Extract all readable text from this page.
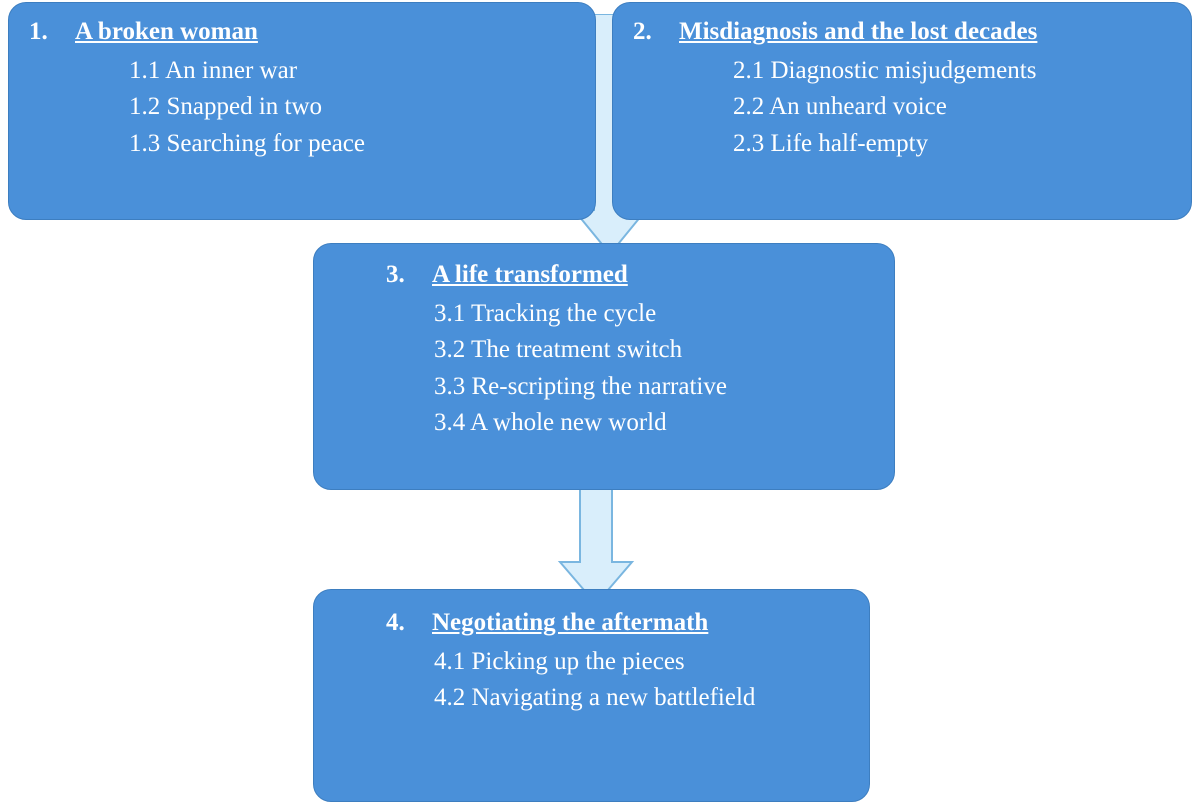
1.	A broken woman
1.1 An inner war
1.2 Snapped in two
1.3 Searching for peace
2.	Misdiagnosis and the lost decades
2.1 Diagnostic misjudgements
2.2 An unheard voice
2.3 Life half-empty
3.	A life transformed
3.1 Tracking the cycle
3.2 The treatment switch
3.3 Re-scripting the narrative
3.4 A whole new world
4.	Negotiating the aftermath
4.1 Picking up the pieces
4.2 Navigating a new battlefield
